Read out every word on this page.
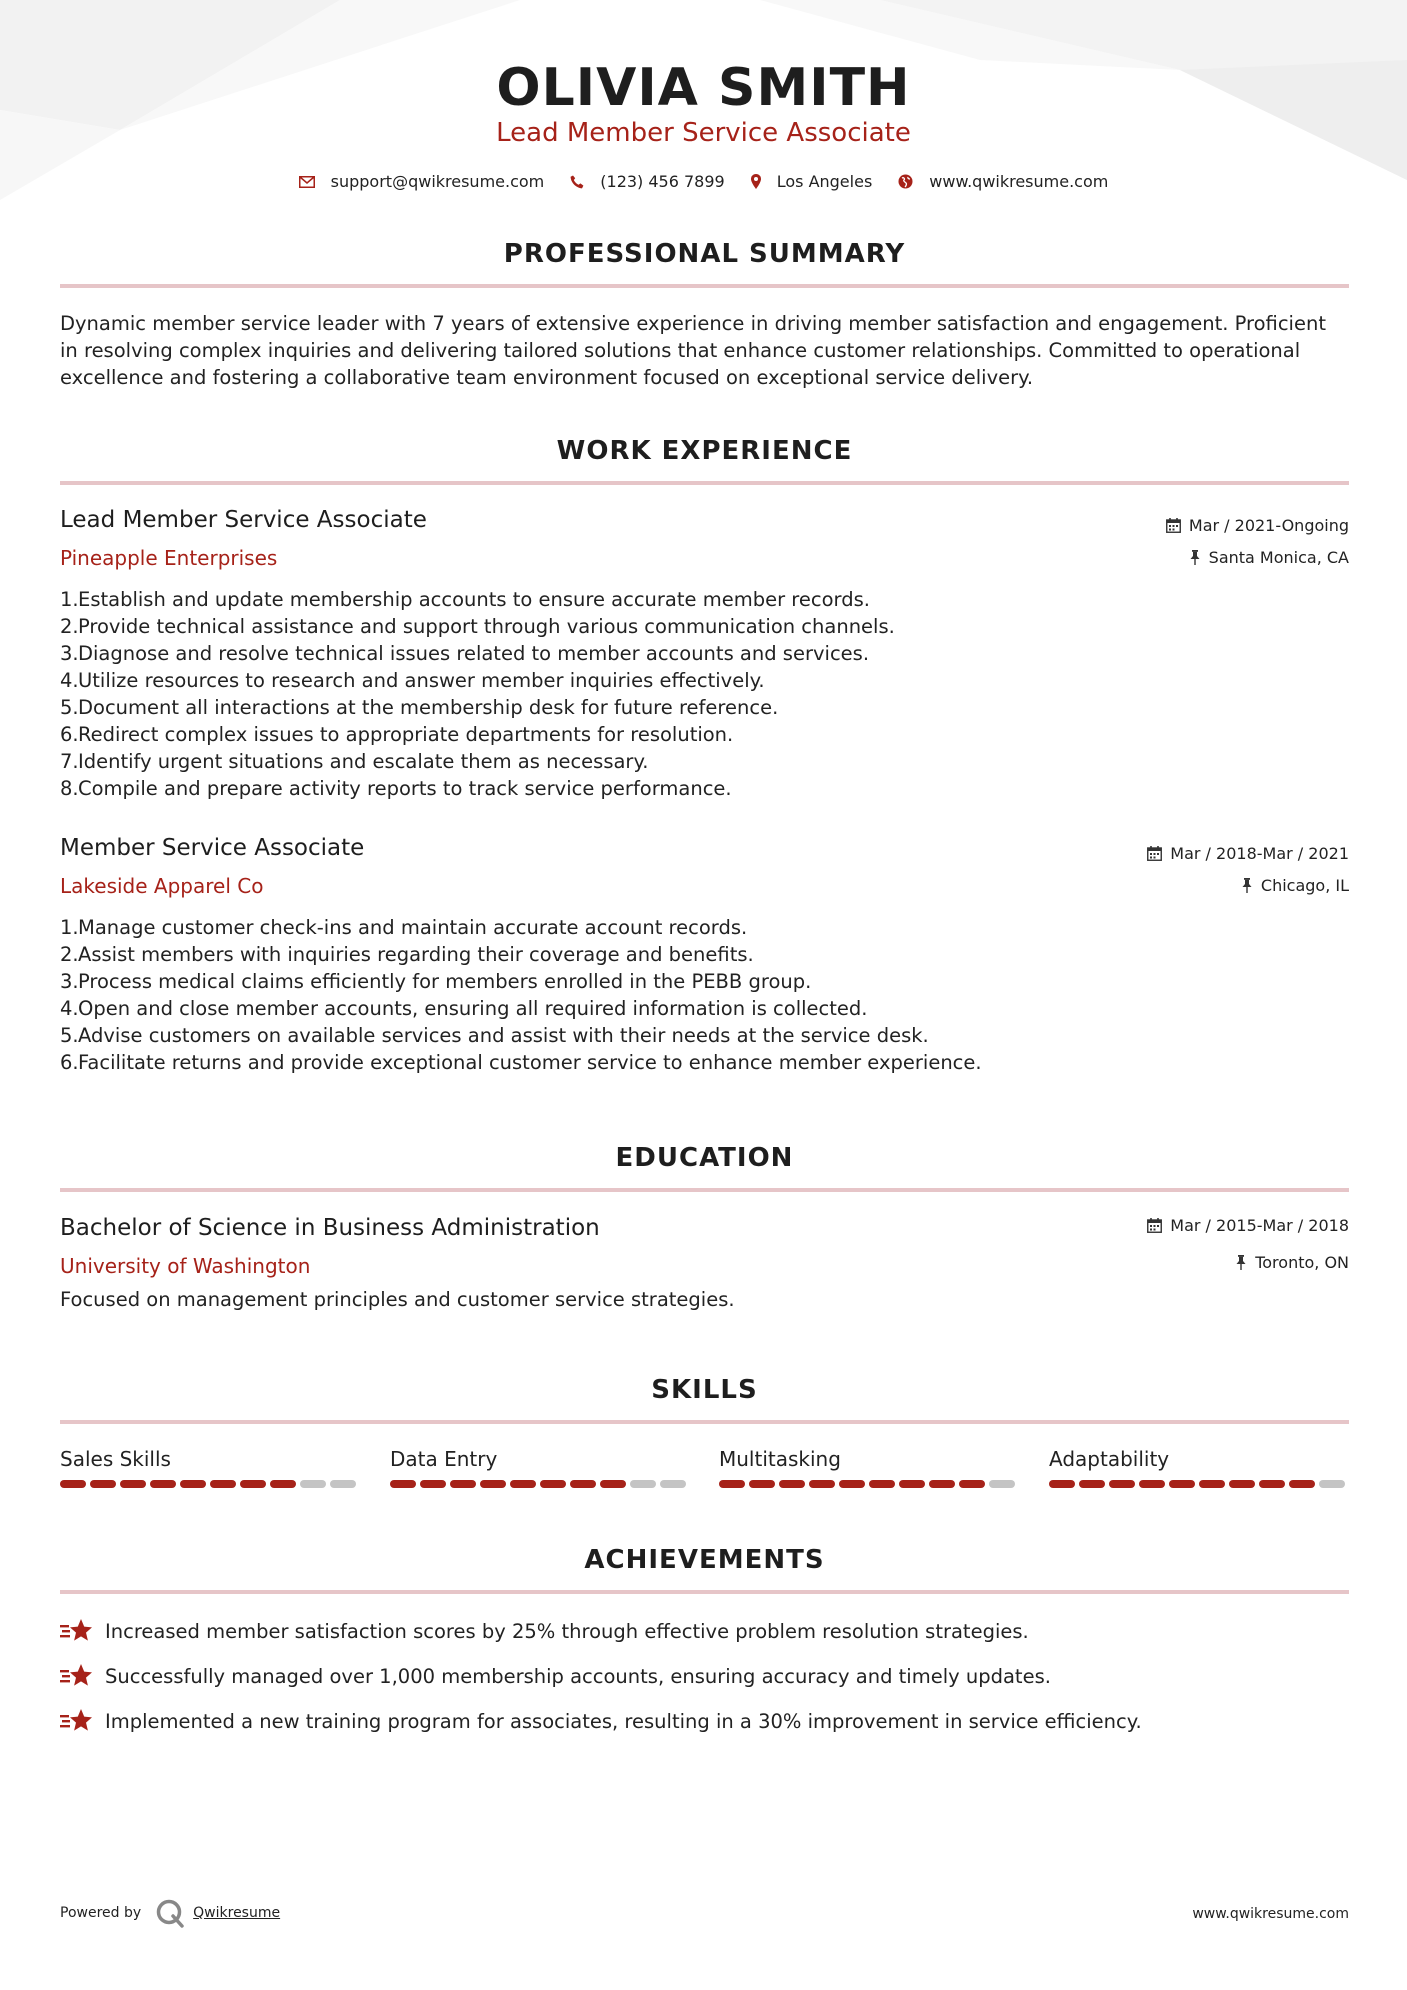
OLIVIA SMITH
Lead Member Service Associate
support@qwikresume.com	(123) 456 7899	Los Angeles	www.qwikresume.com
PROFESSIONAL SUMMARY
Dynamic member service leader with 7 years of extensive experience in driving member satisfaction and engagement. Proficient in resolving complex inquiries and delivering tailored solutions that enhance customer relationships. Committed to operational excellence and fostering a collaborative team environment focused on exceptional service delivery.
WORK EXPERIENCE
Lead Member Service Associate
Pineapple Enterprises
Mar / 2021-Ongoing
Santa Monica, CA
1. Establish and update membership accounts to ensure accurate member records.
2. Provide technical assistance and support through various communication channels.
3. Diagnose and resolve technical issues related to member accounts and services.
4. Utilize resources to research and answer member inquiries effectively.
5. Document all interactions at the membership desk for future reference.
6. Redirect complex issues to appropriate departments for resolution.
7. Identify urgent situations and escalate them as necessary.
8. Compile and prepare activity reports to track service performance.
Member Service Associate
Lakeside Apparel Co
Mar / 2018-Mar / 2021
Chicago, IL
1. Manage customer check-ins and maintain accurate account records.
2. Assist members with inquiries regarding their coverage and benefits.
3. Process medical claims efficiently for members enrolled in the PEBB group.
4. Open and close member accounts, ensuring all required information is collected.
5. Advise customers on available services and assist with their needs at the service desk.
6. Facilitate returns and provide exceptional customer service to enhance member experience.
EDUCATION
Bachelor of Science in Business Administration
University of Washington
Mar / 2015-Mar / 2018
Toronto, ON
Focused on management principles and customer service strategies.
SKILLS
Sales Skills	Data Entry	Multitasking	Adaptability
ACHIEVEMENTS
Increased member satisfaction scores by 25% through effective problem resolution strategies.
Successfully managed over 1,000 membership accounts, ensuring accuracy and timely updates.
Implemented a new training program for associates, resulting in a 30% improvement in service efficiency.
Powered by	Qwikresume	www.qwikresume.com
